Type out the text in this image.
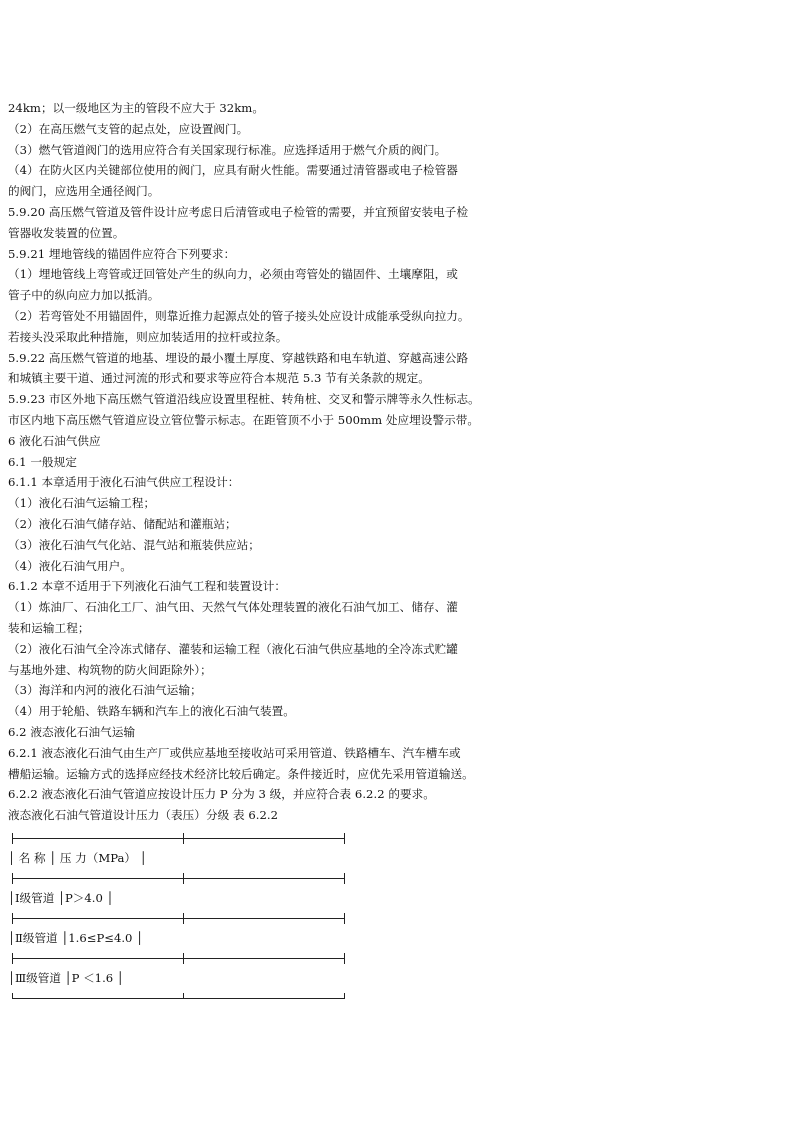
24km；以一级地区为主的管段不应大于 32km。
（2）在高压燃气支管的起点处，应设置阀门。
（3）燃气管道阀门的选用应符合有关国家现行标准。应选择适用于燃气介质的阀门。
（4）在防火区内关键部位使用的阀门，应具有耐火性能。需要通过清管器或电子检管器
的阀门，应选用全通径阀门。
5.9.20 高压燃气管道及管件设计应考虑日后清管或电子检管的需要，并宜预留安装电子检
管器收发装置的位置。
5.9.21 埋地管线的锚固件应符合下列要求：
（1）埋地管线上弯管或迂回管处产生的纵向力，必须由弯管处的锚固件、土壤摩阻，或
管子中的纵向应力加以抵消。
（2）若弯管处不用锚固件，则靠近推力起源点处的管子接头处应设计成能承受纵向拉力。
若接头没采取此种措施，则应加装适用的拉杆或拉条。
5.9.22 高压燃气管道的地基、埋设的最小覆土厚度、穿越铁路和电车轨道、穿越高速公路
和城镇主要干道、通过河流的形式和要求等应符合本规范 5.3 节有关条款的规定。
5.9.23 市区外地下高压燃气管道沿线应设置里程桩、转角桩、交叉和警示牌等永久性标志。
市区内地下高压燃气管道应设立管位警示标志。在距管顶不小于 500mm 处应埋设警示带。
6 液化石油气供应
6.1 一般规定
6.1.1 本章适用于液化石油气供应工程设计：
（1）液化石油气运输工程；
（2）液化石油气储存站、储配站和灌瓶站；
（3）液化石油气气化站、混气站和瓶装供应站；
（4）液化石油气用户。
6.1.2 本章不适用于下列液化石油气工程和装置设计：
（1）炼油厂、石油化工厂、油气田、天然气气体处理装置的液化石油气加工、储存、灌
装和运输工程；
（2）液化石油气全冷冻式储存、灌装和运输工程（液化石油气供应基地的全冷冻式贮罐
与基地外建、构筑物的防火间距除外）；
（3）海洋和内河的液化石油气运输；
（4）用于轮船、铁路车辆和汽车上的液化石油气装置。
6.2 液态液化石油气运输
6.2.1 液态液化石油气由生产厂或供应基地至接收站可采用管道、铁路槽车、汽车槽车或
槽船运输。运输方式的选择应经技术经济比较后确定。条件接近时，应优先采用管道输送。
6.2.2 液态液化石油气管道应按设计压力 P 分为 3 级，并应符合表 6.2.2 的要求。
液态液化石油气管道设计压力（表压）分级 表 6.2.2
│ 名 称 │ 压 力（MPa） │
│Ⅰ级管道 │P＞4.0 │
│Ⅱ级管道 │1.6≤P≤4.0 │
│Ⅲ级管道 │P ＜1.6 │
